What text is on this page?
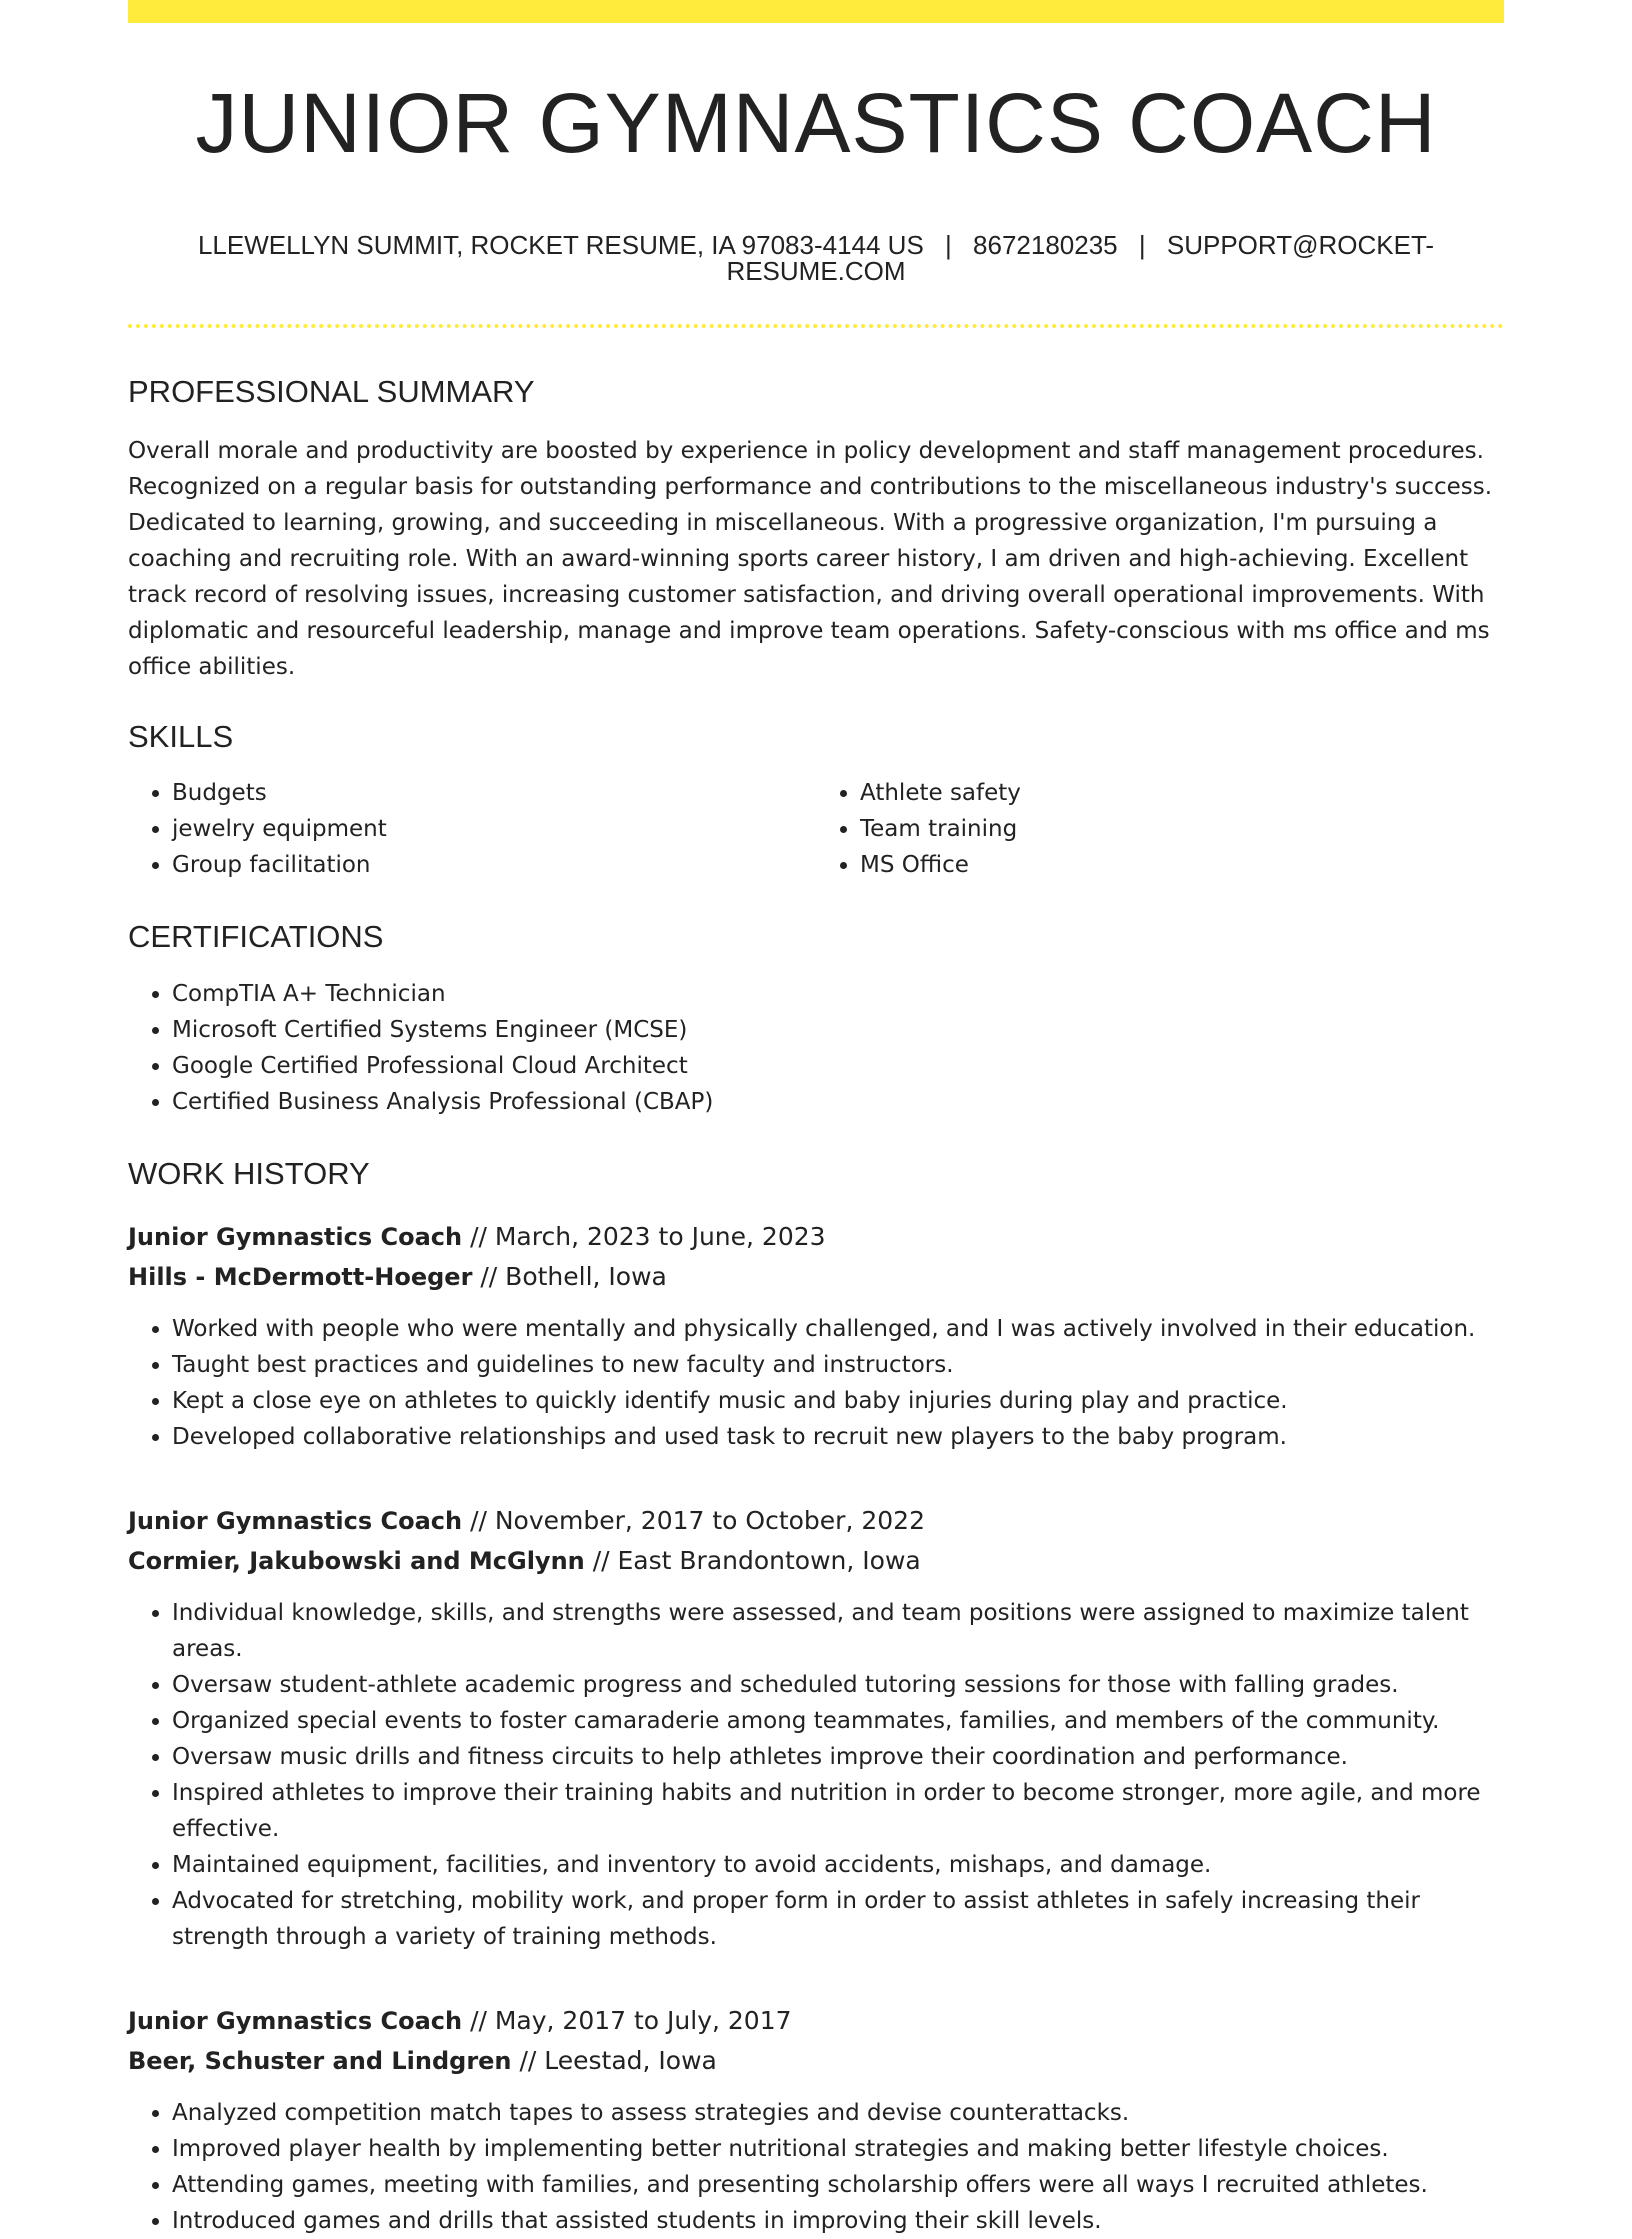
JUNIOR GYMNASTICS COACH
LLEWELLYN SUMMIT, ROCKET RESUME, IA 97083-4144 US | 8672180235 | SUPPORT@ROCKET-RESUME.COM
PROFESSIONAL SUMMARY

Overall morale and productivity are boosted by experience in policy development and staff management procedures. Recognized on a regular basis for outstanding performance and contributions to the miscellaneous industry's success. Dedicated to learning, growing, and succeeding in miscellaneous. With a progressive organization, I'm pursuing a coaching and recruiting role. With an award-winning sports career history, I am driven and high-achieving. Excellent track record of resolving issues, increasing customer satisfaction, and driving overall operational improvements. With diplomatic and resourceful leadership, manage and improve team operations. Safety-conscious with ms office and ms office abilities.

SKILLS
• Budgets
• jewelry equipment
• Group facilitation
• Athlete safety
• Team training
• MS Office
CERTIFICATIONS
• CompTIA A+ Technician
• Microsoft Certified Systems Engineer (MCSE)
• Google Certified Professional Cloud Architect
• Certified Business Analysis Professional (CBAP)
WORK HISTORY
Junior Gymnastics Coach // March, 2023 to June, 2023
Hills - McDermott-Hoeger // Bothell, Iowa
• Worked with people who were mentally and physically challenged, and I was actively involved in their education.
• Taught best practices and guidelines to new faculty and instructors.
• Kept a close eye on athletes to quickly identify music and baby injuries during play and practice.
• Developed collaborative relationships and used task to recruit new players to the baby program.
Junior Gymnastics Coach // November, 2017 to October, 2022
Cormier, Jakubowski and McGlynn // East Brandontown, Iowa
• Individual knowledge, skills, and strengths were assessed, and team positions were assigned to maximize talent areas.
• Oversaw student-athlete academic progress and scheduled tutoring sessions for those with falling grades.
• Organized special events to foster camaraderie among teammates, families, and members of the community.
• Oversaw music drills and fitness circuits to help athletes improve their coordination and performance.
• Inspired athletes to improve their training habits and nutrition in order to become stronger, more agile, and more effective.
• Maintained equipment, facilities, and inventory to avoid accidents, mishaps, and damage.
• Advocated for stretching, mobility work, and proper form in order to assist athletes in safely increasing their strength through a variety of training methods.
Junior Gymnastics Coach // May, 2017 to July, 2017
Beer, Schuster and Lindgren // Leestad, Iowa
• Analyzed competition match tapes to assess strategies and devise counterattacks.
• Improved player health by implementing better nutritional strategies and making better lifestyle choices.
• Attending games, meeting with families, and presenting scholarship offers were all ways I recruited athletes.
• Introduced games and drills that assisted students in improving their skill levels.
